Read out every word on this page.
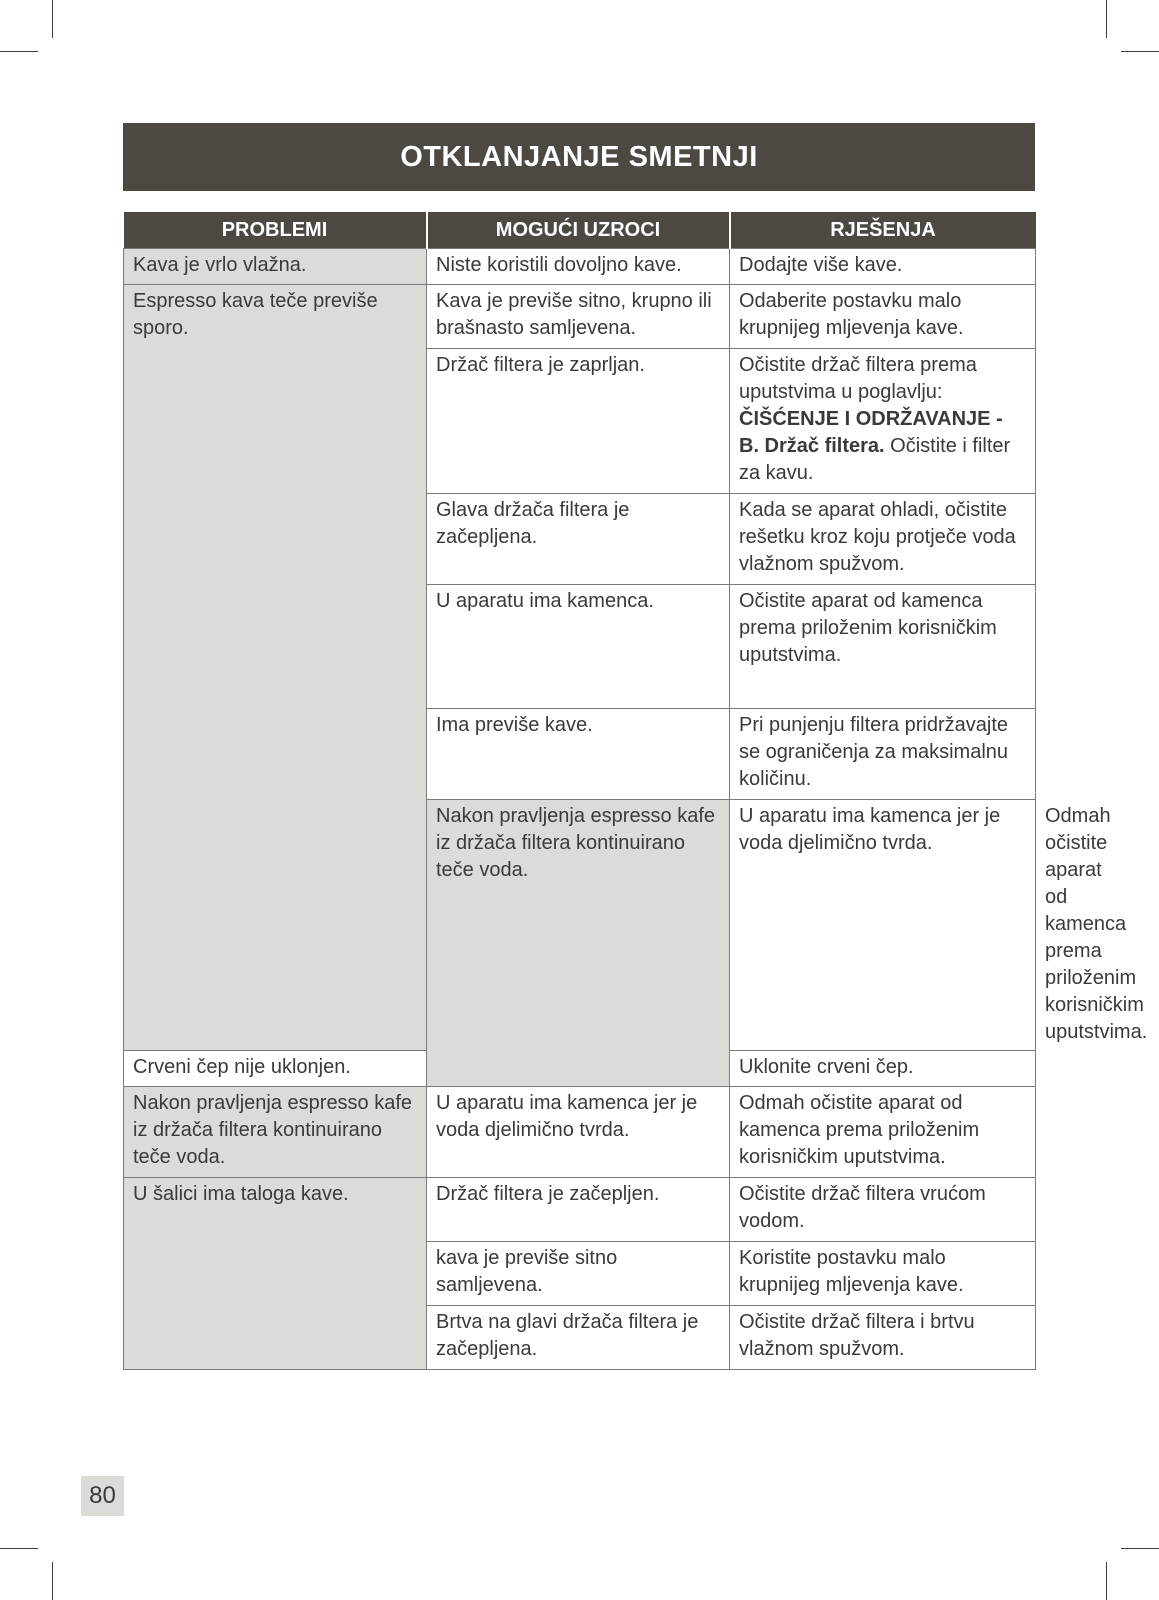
OTKLANJANJE SMETNJI
PROBLEMI	MOGUĆI UZROCI	RJEŠENJA	
Kava je vrlo vlažna.	Niste koristili dovoljno kave.	Dodajte više kave.	
Espresso kava teče previše sporo.	Kava je previše sitno, krupno ili brašnasto samljevena.	Odaberite postavku malo krupnijeg mljevenja kave.	
	Držač filtera je zaprljan.	Očistite držač filtera prema uputstvima u poglavlju: ČIŠĆENJE I ODRŽAVANJE - B. Držač filtera. Očistite i filter za kavu.	
	Glava držača filtera je začepljena.	Kada se aparat ohladi, očistite rešetku kroz koju protječe voda vlažnom spužvom.	
	U aparatu ima kamenca.	Očistite aparat od kamenca prema priloženim korisničkim uputstvima.	
	Ima previše kave.	Pri punjenju filtera pridržavajte se ograničenja za maksimalnu količinu.	
	Nakon pravljenja espresso kafe iz držača filtera kontinuirano teče voda.	U aparatu ima kamenca jer je voda djelimično tvrda.	Odmah očistite aparat od kamenca prema priloženim korisničkim uputstvima.
Crveni čep nije uklonjen.		Uklonite crveni čep.	
Nakon pravljenja espresso kafe iz držača filtera kontinuirano teče voda.	U aparatu ima kamenca jer je voda djelimično tvrda.	Odmah očistite aparat od kamenca prema priloženim korisničkim uputstvima.	
U šalici ima taloga kave.	Držač filtera je začepljen.	Očistite držač filtera vrućom vodom.	
	kava je previše sitno samljevena.	Koristite postavku malo krupnijeg mljevenja kave.	
	Brtva na glavi držača filtera je začepljena.	Očistite držač filtera i brtvu vlažnom spužvom.	
80
